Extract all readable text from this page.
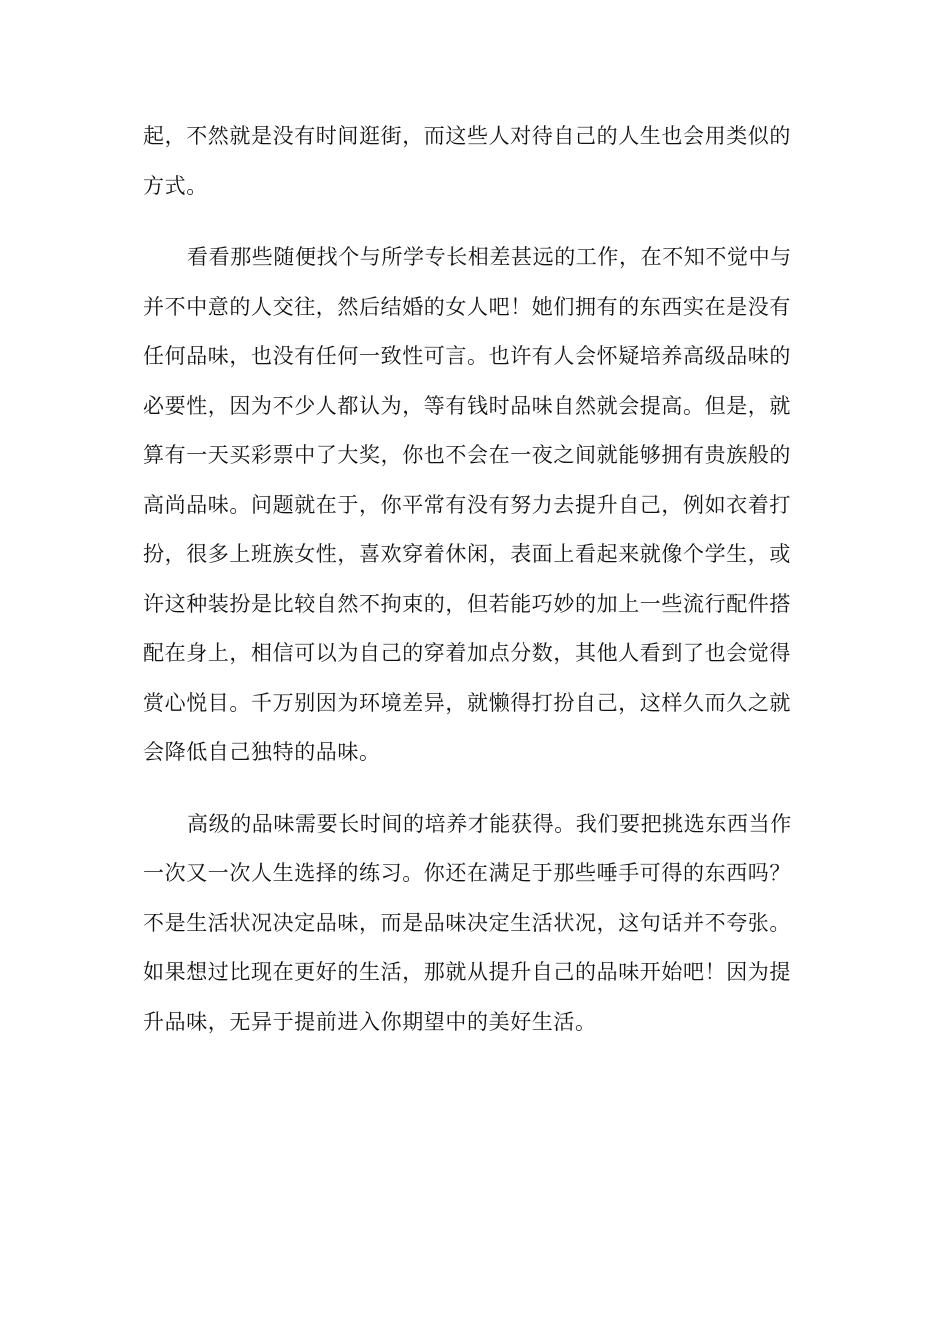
起，不然就是没有时间逛街，而这些人对待自己的人生也会用类似的
方式。
看看那些随便找个与所学专长相差甚远的工作，在不知不觉中与
并不中意的人交往，然后结婚的女人吧！她们拥有的东西实在是没有
任何品味，也没有任何一致性可言。也许有人会怀疑培养高级品味的
必要性，因为不少人都认为，等有钱时品味自然就会提高。但是，就
算有一天买彩票中了大奖，你也不会在一夜之间就能够拥有贵族般的
高尚品味。问题就在于，你平常有没有努力去提升自己，例如衣着打
扮，很多上班族女性，喜欢穿着休闲，表面上看起来就像个学生，或
许这种装扮是比较自然不拘束的，但若能巧妙的加上一些流行配件搭
配在身上，相信可以为自己的穿着加点分数，其他人看到了也会觉得
赏心悦目。千万别因为环境差异，就懒得打扮自己，这样久而久之就
会降低自己独特的品味。
高级的品味需要长时间的培养才能获得。我们要把挑选东西当作
一次又一次人生选择的练习。你还在满足于那些唾手可得的东西吗？
不是生活状况决定品味，而是品味决定生活状况，这句话并不夸张。
如果想过比现在更好的生活，那就从提升自己的品味开始吧！因为提
升品味，无异于提前进入你期望中的美好生活。
